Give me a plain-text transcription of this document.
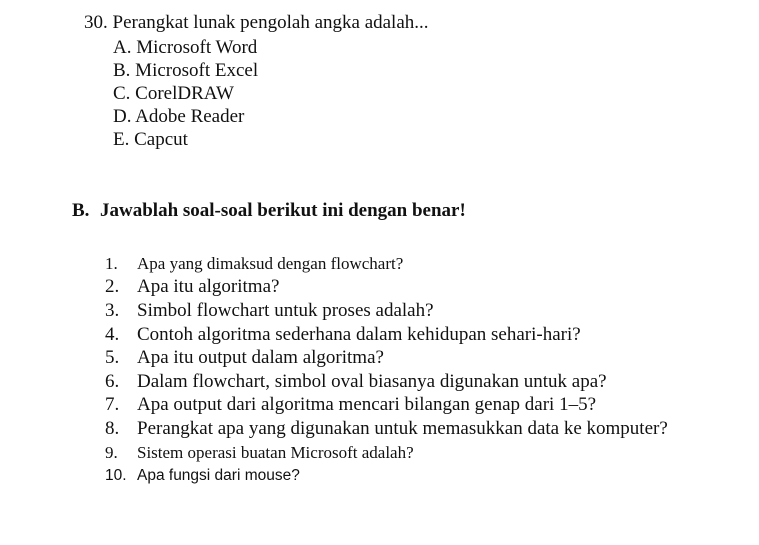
30. Perangkat lunak pengolah angka adalah...
A. Microsoft Word
B. Microsoft Excel
C. CorelDRAW
D. Adobe Reader
E. Capcut
B. Jawablah soal-soal berikut ini dengan benar!
1.	Apa yang dimaksud dengan flowchart?
2. Apa itu algoritma?
3. Simbol flowchart untuk proses adalah?
4. Contoh algoritma sederhana dalam kehidupan sehari-hari?
5. Apa itu output dalam algoritma?
6. Dalam flowchart, simbol oval biasanya digunakan untuk apa?
7. Apa output dari algoritma mencari bilangan genap dari 1–5?
8. Perangkat apa yang digunakan untuk memasukkan data ke komputer?
9.	Sistem operasi buatan Microsoft adalah?
10. Apa fungsi dari mouse?
